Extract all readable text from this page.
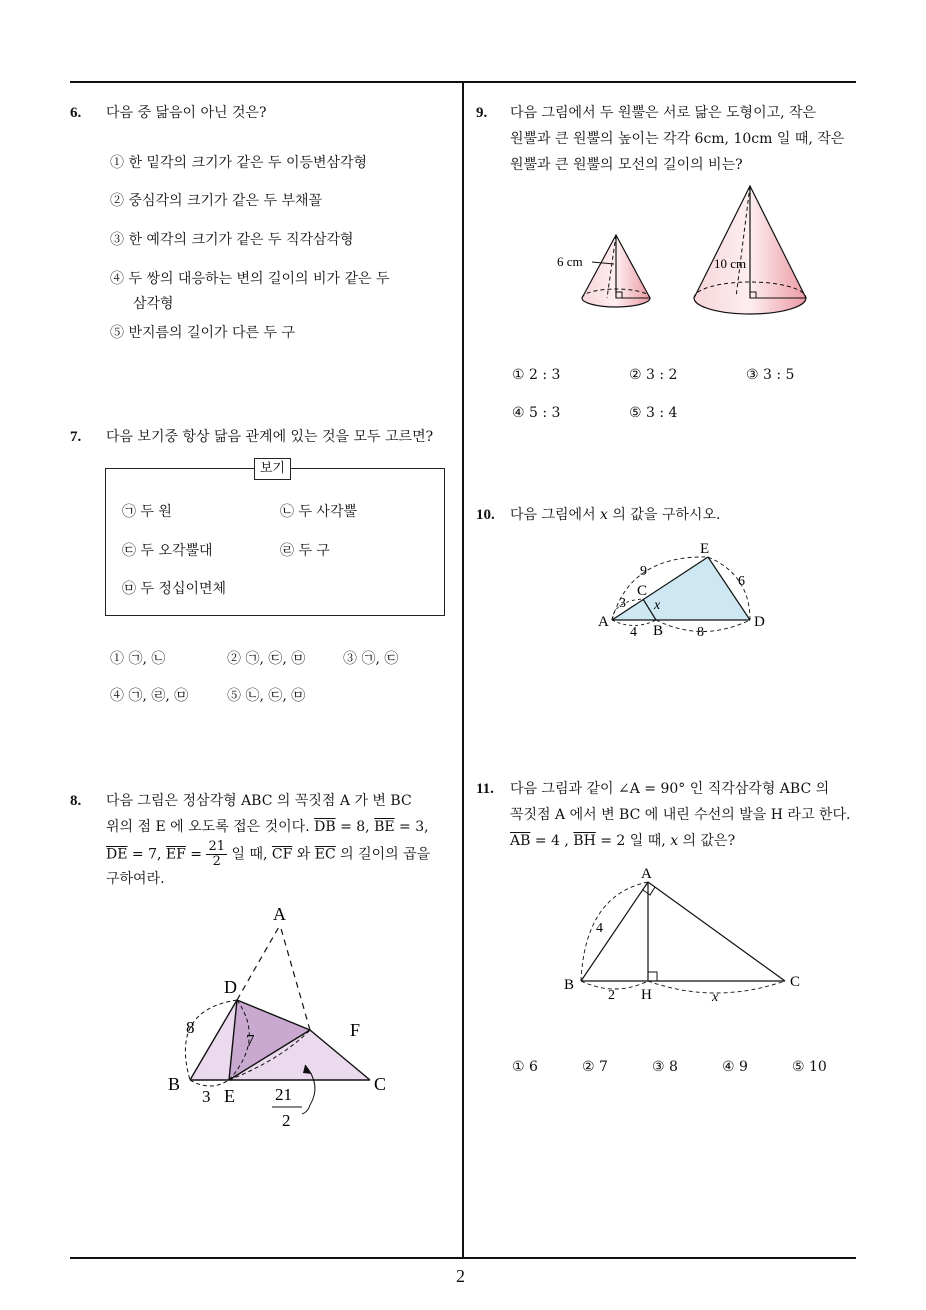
2
6. 다음 중 닮음이 아닌 것은?
① 한 밑각의 크기가 같은 두 이등변삼각형
② 중심각의 크기가 같은 두 부채꼴
③ 한 예각의 크기가 같은 두 직각삼각형
④ 두 쌍의 대응하는 변의 길이의 비가 같은 두
삼각형
⑤ 반지름의 길이가 다른 두 구
7. 다음 보기중 항상 닮음 관계에 있는 것을 모두 고르면?
보기
㉠ 두 원	㉡ 두 사각뿔
㉢ 두 오각뿔대	㉣ 두 구
㉤ 두 정십이면체
① ㉠, ㉡	② ㉠, ㉢, ㉤	③ ㉠, ㉢
④ ㉠, ㉣, ㉤	⑤ ㉡, ㉢, ㉤
8. 다음 그림은 정삼각형 ABC 의 꼭짓점 A 가 변 BC
위의 점 E 에 오도록 접은 것이다. $\overline{DB} = 8$, $\overline{BE} = 3$,
$\overline{DE} = 7$, $\overline{EF} = \frac{21}{2}$ 일 때, $\overline{CF}$ 와 $\overline{EC}$ 의 길이의 곱을
구하여라.
A
D
F
B
E
C
8
7
3	21
2
9. 다음 그림에서 두 원뿔은 서로 닮은 도형이고, 작은
원뿔과 큰 원뿔의 높이는 각각 6cm, 10cm 일 때, 작은
원뿔과 큰 원뿔의 모선의 길이의 비는?
6 cm	10 cm
① 2 : 3	② 3 : 2	③ 3 : 5
④ 5 : 3	⑤ 3 : 4
10. 다음 그림에서 x 의 값을 구하시오.
E
A	D
C
B
9
6
3 x
4	8
11. 다음 그림과 같이 ∠A = 90° 인 직각삼각형 ABC 의
꼭짓점 A 에서 변 BC 에 내린 수선의 발을 H 라고 한다.
$\overline{AB} = 4$ , $\overline{BH} = 2$ 일 때, x 의 값은?
A
B	C
H
4
2	x
① 6	② 7	③ 8	④ 9	⑤ 10
